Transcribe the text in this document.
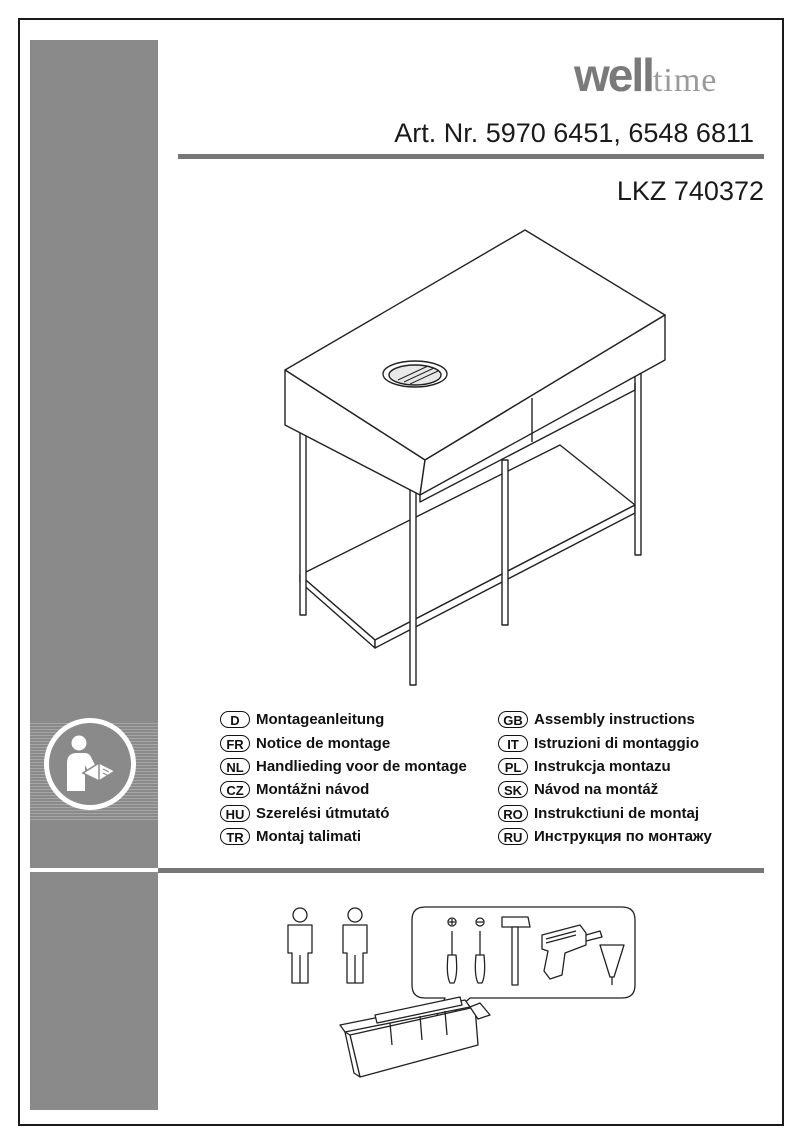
welltime
Art. Nr. 5970 6451, 6548 6811
LKZ 740372
D	Montageanleitung
FR Notice de montage
NL Handlieding voor de montage
CZ Montážni návod
HU Szerelési útmutató
TR Montaj talimati
GB Assembly instructions
IT	Istruzioni di montaggio
PL Instrukcja montazu
SK Návod na montáž
RO Instrukctiuni de montaj
RU Инструкция по монтажу
